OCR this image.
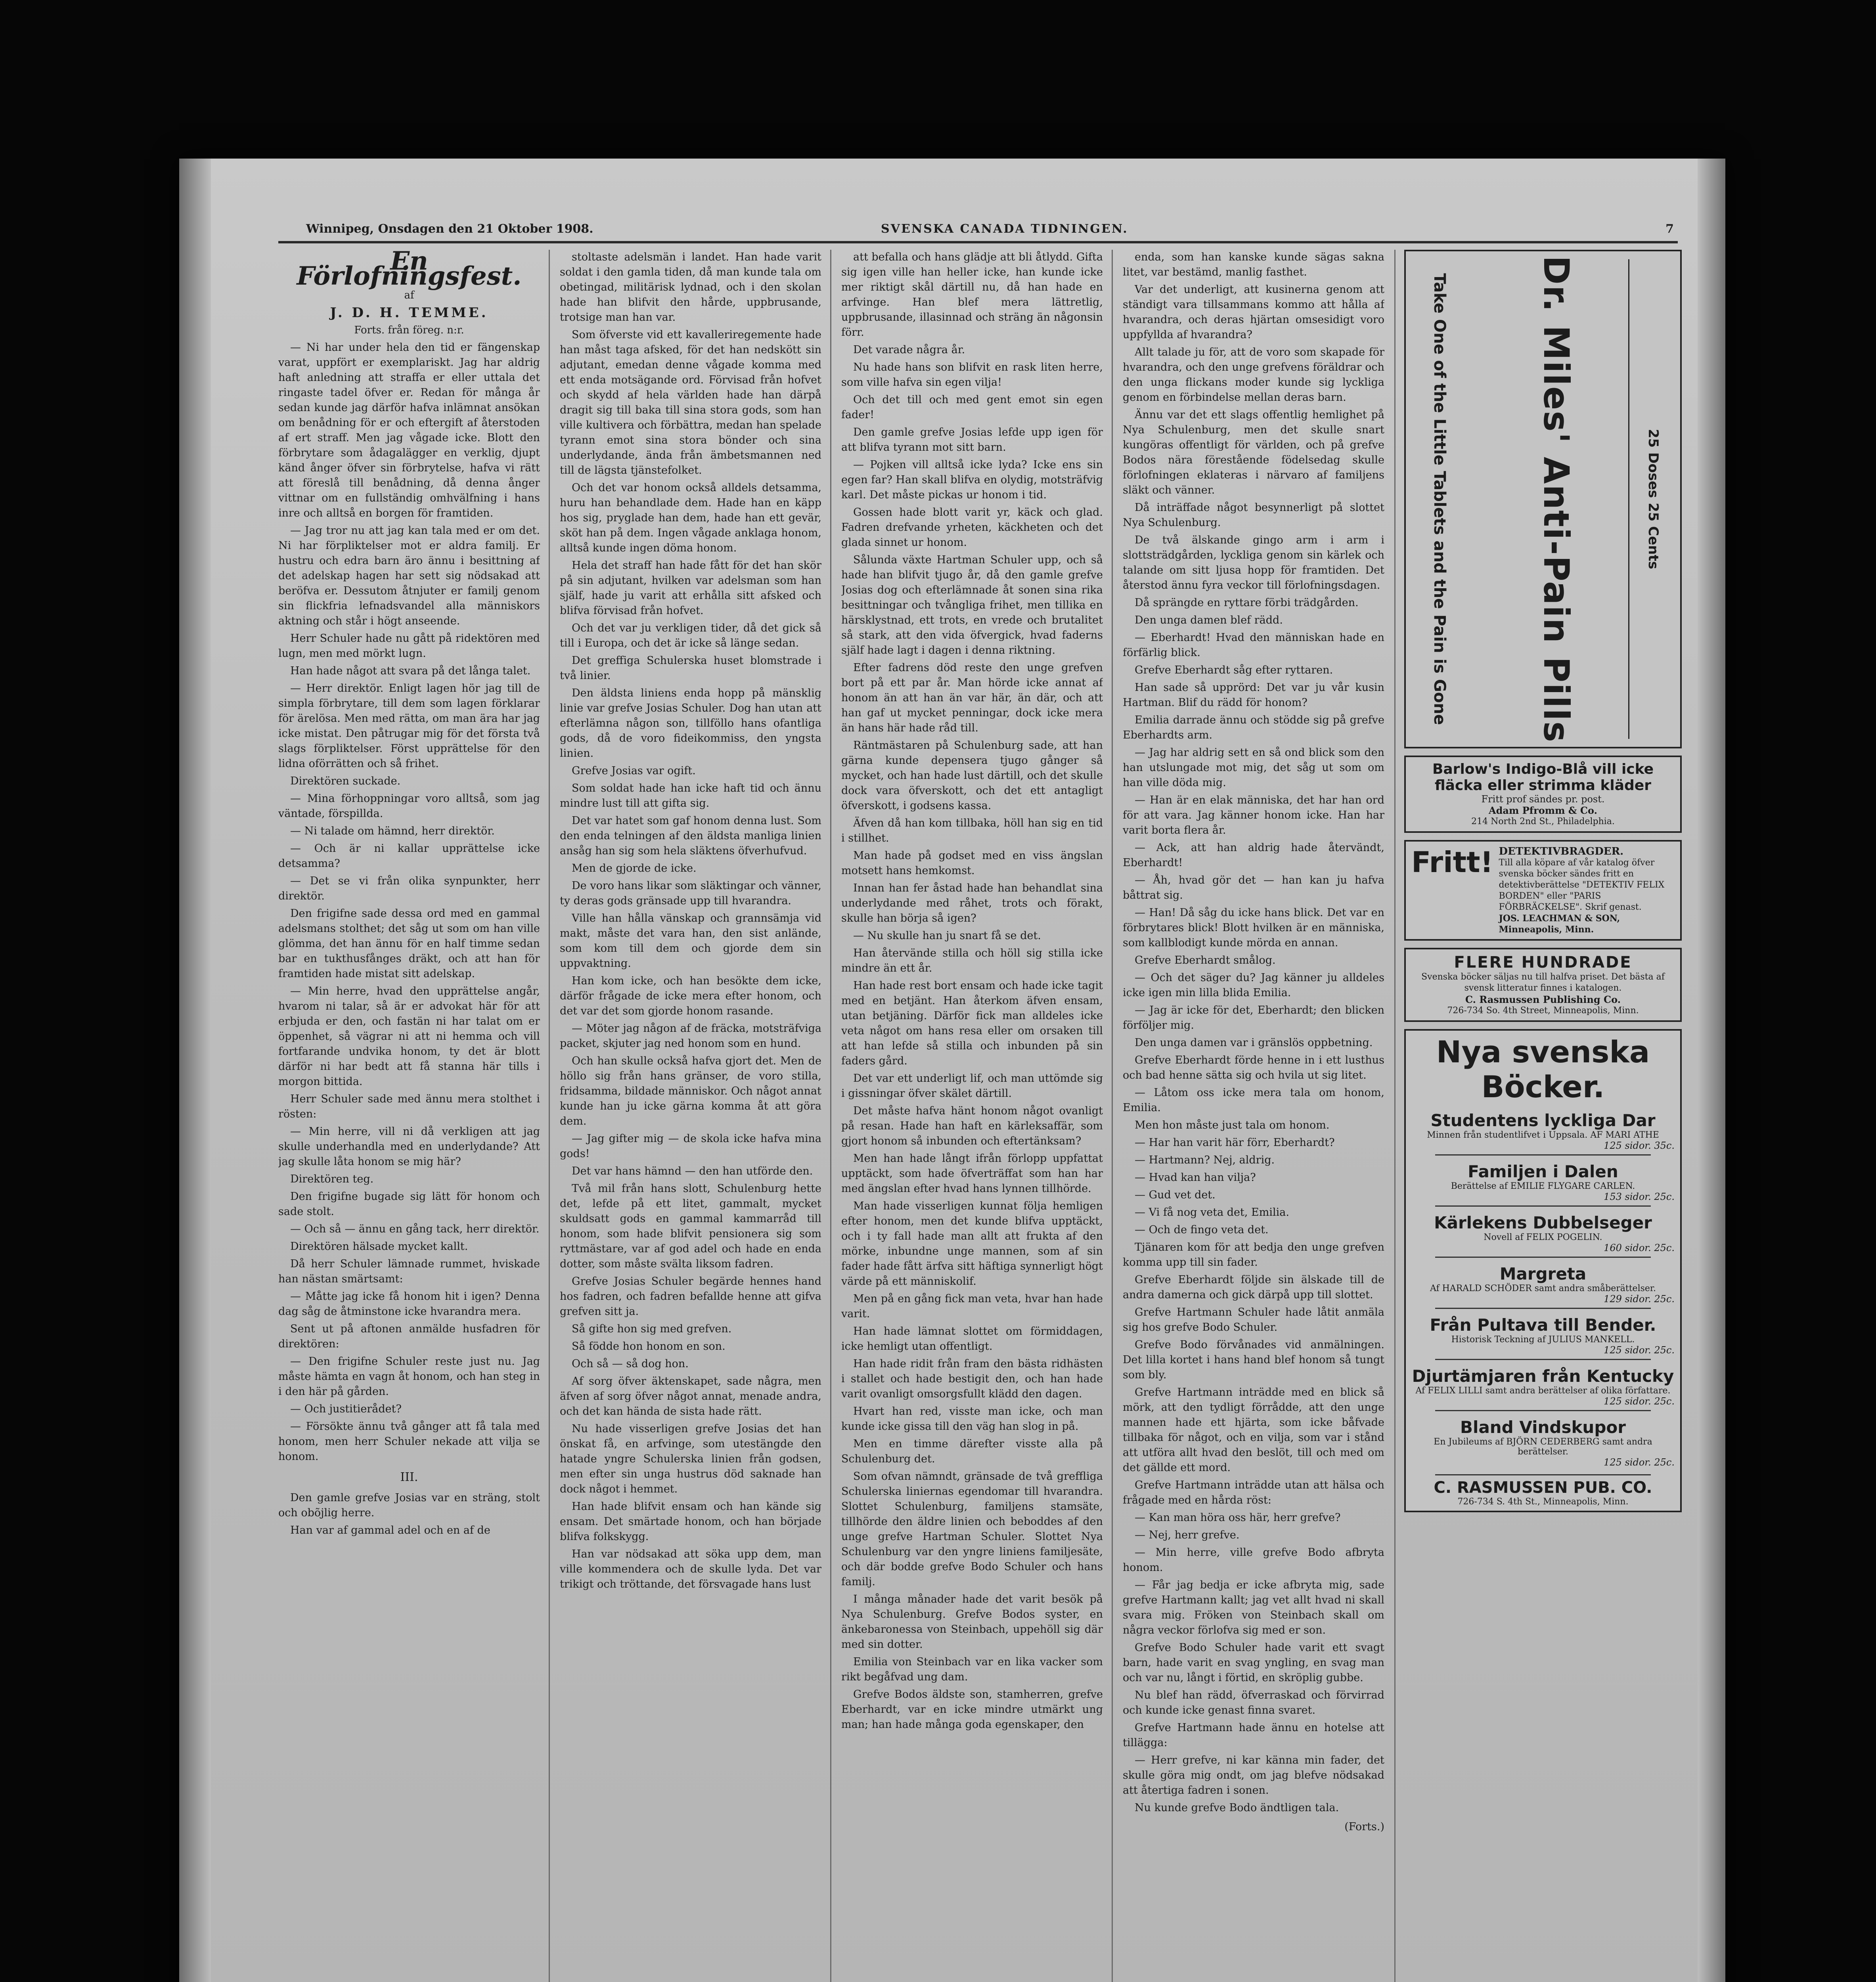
Winnipeg, Onsdagen den 21 Oktober 1908.	SVENSKA CANADA TIDNINGEN.	7

En Förlofningsfest.

af

J. D. H. TEMME.

Forts. från föreg. n:r.

— Ni har under hela den tid er fängenskap varat, uppfört er exemplariskt. Jag har aldrig haft anledning att straffa er eller uttala det ringaste tadel öfver er. Redan för många år sedan kunde jag därför hafva inlämnat ansökan om benådning för er och eftergift af återstoden af ert straff. Men jag vågade icke. Blott den förbrytare som ådagalägger en verklig, djupt känd ånger öfver sin förbrytelse, hafva vi rätt att föreslå till benådning, då denna ånger vittnar om en fullständig omhvälfning i hans inre och alltså en borgen för framtiden.

— Jag tror nu att jag kan tala med er om det. Ni har förpliktelser mot er aldra familj. Er hustru och edra barn äro ännu i besittning af det adelskap hagen har sett sig nödsakad att beröfva er. Dessutom åtnjuter er familj genom sin flickfria lefnadsvandel alla människors aktning och står i högt anseende.

Herr Schuler hade nu gått på ridektören med lugn, men med mörkt lugn.

Han hade något att svara på det långa talet.

— Herr direktör. Enligt lagen hör jag till de simpla förbrytare, till dem som lagen förklarar för ärelösa. Men med rätta, om man ära har jag icke mistat. Den påtrugar mig för det första två slags förpliktelser. Först upprättelse för den lidna oförrätten och så frihet.

Direktören suckade.

— Mina förhoppningar voro alltså, som jag väntade, förspillda.

— Ni talade om hämnd, herr direktör.

— Och är ni kallar upprättelse icke detsamma?

— Det se vi från olika synpunkter, herr direktör.

Den frigifne sade dessa ord med en gammal adelsmans stolthet; det såg ut som om han ville glömma, det han ännu för en half timme sedan bar en tukthusfånges dräkt, och att han för framtiden hade mistat sitt adelskap.

— Min herre, hvad den upprättelse angår, hvarom ni talar, så är er advokat här för att erbjuda er den, och fastän ni har talat om er öppenhet, så vägrar ni att ni hemma och vill fortfarande undvika honom, ty det är blott därför ni har bedt att få stanna här tills i morgon bittida.

Herr Schuler sade med ännu mera stolthet i rösten:

— Min herre, vill ni då verkligen att jag skulle underhandla med en underlydande? Att jag skulle låta honom se mig här?

Direktören teg.

Den frigifne bugade sig lätt för honom och sade stolt.

— Och så — ännu en gång tack, herr direktör.

Direktören hälsade mycket kallt.

Då herr Schuler lämnade rummet, hviskade han nästan smärtsamt:

— Måtte jag icke få honom hit i igen? Denna dag såg de åtminstone icke hvarandra mera.

Sent ut på aftonen anmälde husfadren för direktören:

— Den frigifne Schuler reste just nu. Jag måste hämta en vagn åt honom, och han steg in i den här på gården.

— Och justitierådet?

— Försökte ännu två gånger att få tala med honom, men herr Schuler nekade att vilja se honom.

III.

Den gamle grefve Josias var en sträng, stolt och obõjlig herre.

Han var af gammal adel och en af de

stoltaste adelsmän i landet. Han hade varit soldat i den gamla tiden, då man kunde tala om obetingad, militärisk lydnad, och i den skolan hade han blifvit den hårde, uppbrusande, trotsige man han var.

Som öfverste vid ett kavalleriregemente hade han måst taga afsked, för det han nedskött sin adjutant, emedan denne vågade komma med ett enda motsägande ord. Förvisad från hofvet och skydd af hela världen hade han därpå dragit sig till baka till sina stora gods, som han ville kultivera och förbättra, medan han spelade tyrann emot sina stora bönder och sina underlydande, ända från ämbetsmannen ned till de lägsta tjänstefolket.

Och det var honom också alldels detsamma, huru han behandlade dem. Hade han en käpp hos sig, pryglade han dem, hade han ett gevär, sköt han på dem. Ingen vågade anklaga honom, alltså kunde ingen döma honom.

Hela det straff han hade fått för det han skör på sin adjutant, hvilken var adelsman som han själf, hade ju varit att erhålla sitt afsked och blifva förvisad från hofvet.

Och det var ju verkligen tider, då det gick så till i Europa, och det är icke så länge sedan.

Det greffiga Schulerska huset blomstrade i två linier.

Den äldsta liniens enda hopp på mänsklig linie var grefve Josias Schuler. Dog han utan att efterlämna någon son, tillföllo hans ofantliga gods, då de voro fideikommiss, den yngsta linien.

Grefve Josias var ogift.

Som soldat hade han icke haft tid och ännu mindre lust till att gifta sig.

Det var hatet som gaf honom denna lust. Som den enda telningen af den äldsta manliga linien ansåg han sig som hela släktens öfverhufvud.

Men de gjorde de icke.

De voro hans likar som släktingar och vänner, ty deras gods gränsade upp till hvarandra.

Ville han hålla vänskap och grannsämja vid makt, måste det vara han, den sist anlände, som kom till dem och gjorde dem sin uppvaktning.

Han kom icke, och han besökte dem icke, därför frågade de icke mera efter honom, och det var det som gjorde honom rasande.

— Möter jag någon af de fräcka, motsträfviga packet, skjuter jag ned honom som en hund.

Och han skulle också hafva gjort det. Men de höllo sig från hans gränser, de voro stilla, fridsamma, bildade människor. Och något annat kunde han ju icke gärna komma åt att göra dem.

— Jag gifter mig — de skola icke hafva mina gods!

Det var hans hämnd — den han utförde den.

Två mil från hans slott, Schulenburg hette det, lefde på ett litet, gammalt, mycket skuldsatt gods en gammal kammarråd till honom, som hade blifvit pensionera sig som ryttmästare, var af god adel och hade en enda dotter, som måste svälta liksom fadren.

Grefve Josias Schuler begärde hennes hand hos fadren, och fadren befallde henne att gifva grefven sitt ja.

Så gifte hon sig med grefven.

Så födde hon honom en son.

Och så — så dog hon.

Af sorg öfver äktenskapet, sade några, men äfven af sorg öfver något annat, menade andra, och det kan hända de sista hade rätt.

Nu hade visserligen grefve Josias det han önskat få, en arfvinge, som utestängde den hatade yngre Schulerska linien från godsen, men efter sin unga hustrus död saknade han dock något i hemmet.

Han hade blifvit ensam och han kände sig ensam. Det smärtade honom, och han började blifva folkskygg.

Han var nödsakad att söka upp dem, man ville kommendera och de skulle lyda. Det var trikigt och tröttande, det försvagade hans lust

att befalla och hans glädje att bli åtlydd. Gifta sig igen ville han heller icke, han kunde icke mer riktigt skål därtill nu, då han hade en arfvinge. Han blef mera lättretlig, uppbrusande, illasinnad och sträng än någonsin förr.

Det varade några år.

Nu hade hans son blifvit en rask liten herre, som ville hafva sin egen vilja!

Och det till och med gent emot sin egen fader!

Den gamle grefve Josias lefde upp igen för att blifva tyrann mot sitt barn.

— Pojken vill alltså icke lyda? Icke ens sin egen far? Han skall blifva en olydig, motsträfvig karl. Det måste pickas ur honom i tid.

Gossen hade blott varit yr, käck och glad. Fadren drefvande yrheten, käckheten och det glada sinnet ur honom.

Sålunda växte Hartman Schuler upp, och så hade han blifvit tjugo år, då den gamle grefve Josias dog och efterlämnade åt sonen sina rika besittningar och tvångliga frihet, men tillika en härsklystnad, ett trots, en vrede och brutalitet så stark, att den vida öfvergick, hvad faderns själf hade lagt i dagen i denna riktning.

Efter fadrens död reste den unge grefven bort på ett par år. Man hörde icke annat af honom än att han än var här, än där, och att han gaf ut mycket penningar, dock icke mera än hans här hade råd till.

Räntmästaren på Schulenburg sade, att han gärna kunde depensera tjugo gånger så mycket, och han hade lust därtill, och det skulle dock vara öfverskott, och det ett antagligt öfverskott, i godsens kassa.

Äfven då han kom tillbaka, höll han sig en tid i stillhet.

Man hade på godset med en viss ängslan motsett hans hemkomst.

Innan han fer åstad hade han behandlat sina underlydande med råhet, trots och förakt, skulle han börja så igen?

— Nu skulle han ju snart få se det.

Han återvände stilla och höll sig stilla icke mindre än ett år.

Han hade rest bort ensam och hade icke tagit med en betjänt. Han återkom äfven ensam, utan betjäning. Därför fick man alldeles icke veta något om hans resa eller om orsaken till att han lefde så stilla och inbunden på sin faders gård.

Det var ett underligt lif, och man uttömde sig i gissningar öfver skälet därtill.

Det måste hafva hänt honom något ovanligt på resan. Hade han haft en kärleksaffär, som gjort honom så inbunden och eftertänksam?

Men han hade långt ifrån förlopp uppfattat upptäckt, som hade öfverträffat som han har med ängslan efter hvad hans lynnen tillhörde.

Man hade visserligen kunnat följa hemligen efter honom, men det kunde blifva upptäckt, och i ty fall hade man allt att frukta af den mörke, inbundne unge mannen, som af sin fader hade fått ärfva sitt häftiga synnerligt högt värde på ett människolif.

Men på en gång fick man veta, hvar han hade varit.

Han hade lämnat slottet om förmiddagen, icke hemligt utan offentligt.

Han hade ridit från fram den bästa ridhästen i stallet och hade bestigit den, och han hade varit ovanligt omsorgsfullt klädd den dagen.

Hvart han red, visste man icke, och man kunde icke gissa till den väg han slog in på.

Men en timme därefter visste alla på Schulenburg det.

Som ofvan nämndt, gränsade de två greffliga Schulerska liniernas egendomar till hvarandra. Slottet Schulenburg, familjens stamsäte, tillhörde den äldre linien och beboddes af den unge grefve Hartman Schuler. Slottet Nya Schulenburg var den yngre liniens familjesäte, och där bodde grefve Bodo Schuler och hans familj.

I många månader hade det varit besök på Nya Schulenburg. Grefve Bodos syster, en änkebaronessa von Steinbach, uppehöll sig där med sin dotter.

Emilia von Steinbach var en lika vacker som rikt begåfvad ung dam.

Grefve Bodos äldste son, stamherren, grefve Eberhardt, var en icke mindre utmärkt ung man; han hade många goda egenskaper, den

enda, som han kanske kunde sägas sakna litet, var bestämd, manlig fasthet.

Var det underligt, att kusinerna genom att ständigt vara tillsammans kommo att hålla af hvarandra, och deras hjärtan omsesidigt voro uppfyllda af hvarandra?

Allt talade ju för, att de voro som skapade för hvarandra, och den unge grefvens föräldrar och den unga flickans moder kunde sig lyckliga genom en förbindelse mellan deras barn.

Ännu var det ett slags offentlig hemlighet på Nya Schulenburg, men det skulle snart kungöras offentligt för världen, och på grefve Bodos nära förestående födelsedag skulle förlofningen eklateras i närvaro af familjens släkt och vänner.

Då inträffade något besynnerligt på slottet Nya Schulenburg.

De två älskande gingo arm i arm i slottsträdgården, lyckliga genom sin kärlek och talande om sitt ljusa hopp för framtiden. Det återstod ännu fyra veckor till förlofningsdagen.

Då sprängde en ryttare förbi trädgården.

Den unga damen blef rädd.

— Eberhardt! Hvad den människan hade en förfärlig blick.

Grefve Eberhardt såg efter ryttaren.

Han sade så upprörd: Det var ju vår kusin Hartman. Blif du rädd för honom?

Emilia darrade ännu och stödde sig på grefve Eberhardts arm.

— Jag har aldrig sett en så ond blick som den han utslungade mot mig, det såg ut som om han ville döda mig.

— Han är en elak människa, det har han ord för att vara. Jag känner honom icke. Han har varit borta flera år.

— Ack, att han aldrig hade återvändt, Eberhardt!

— Åh, hvad gör det — han kan ju hafva båttrat sig.

— Han! Då såg du icke hans blick. Det var en förbrytares blick! Blott hvilken är en människa, som kallblodigt kunde mörda en annan.

Grefve Eberhardt smålog.

— Och det säger du? Jag känner ju alldeles icke igen min lilla blida Emilia.

— Jag är icke för det, Eberhardt; den blicken förföljer mig.

Den unga damen var i gränslös oppbetning.

Grefve Eberhardt förde henne in i ett lusthus och bad henne sätta sig och hvila ut sig litet.

— Låtom oss icke mera tala om honom, Emilia.

Men hon måste just tala om honom.

— Har han varit här förr, Eberhardt?

— Hartmann? Nej, aldrig.

— Hvad kan han vilja?

— Gud vet det.

— Vi få nog veta det, Emilia.

— Och de fingo veta det.

Tjänaren kom för att bedja den unge grefven komma upp till sin fader.

Grefve Eberhardt följde sin älskade till de andra damerna och gick därpå upp till slottet.

Grefve Hartmann Schuler hade låtit anmäla sig hos grefve Bodo Schuler.

Grefve Bodo förvånades vid anmälningen. Det lilla kortet i hans hand blef honom så tungt som bly.

Grefve Hartmann inträdde med en blick så mörk, att den tydligt förrådde, att den unge mannen hade ett hjärta, som icke båfvade tillbaka för något, och en vilja, som var i stånd att utföra allt hvad den beslöt, till och med om det gällde ett mord.

Grefve Hartmann inträdde utan att hälsa och frågade med en hårda röst:

— Kan man höra oss här, herr grefve?

— Nej, herr grefve.

— Min herre, ville grefve Bodo afbryta honom.

— Får jag bedja er icke afbryta mig, sade grefve Hartmann kallt; jag vet allt hvad ni skall svara mig. Fröken von Steinbach skall om några veckor förlofva sig med er son.

Grefve Bodo Schuler hade varit ett svagt barn, hade varit en svag yngling, en svag man och var nu, långt i förtid, en skröplig gubbe.

Nu blef han rädd, öfverraskad och förvirrad och kunde icke genast finna svaret.

Grefve Hartmann hade ännu en hotelse att tillägga:

— Herr grefve, ni kar känna min fader, det skulle göra mig ondt, om jag blefve nödsakad att återtiga fadren i sonen.

Nu kunde grefve Bodo ändtligen tala.

(Forts.)

Take One of the Little Tablets and the Pain is Gone	Dr. Miles' Anti-Pain Pills	25 Doses 25 Cents
Barlow's Indigo-Blå vill icke fläcka eller strimma kläder
Fritt prof sändes pr. post.
Adam Pfromm & Co.
214 North 2nd St., Philadelphia.
Fritt! DETEKTIVBRAGDER.
Till alla köpare af vår katalog öfver svenska böcker sändes fritt en detektivberättelse "DETEKTIV FELIX BORDEN" eller "PARIS FÖRBRÄCKELSE". Skrif genast.
JOS. LEACHMAN & SON, Minneapolis, Minn.
FLERE HUNDRADE
Svenska böcker säljas nu till halfva priset. Det bästa af svensk litteratur finnes i katalogen.
C. Rasmussen Publishing Co.
726-734 So. 4th Street, Minneapolis, Minn.
Nya svenska Böcker.
Studentens lyckliga Dar
Minnen från studentlifvet i Uppsala. AF MARI ATHE
125 sidor. 35c.
Familjen i Dalen
Berättelse af EMILIE FLYGARE CARLEN.
153 sidor. 25c.
Kärlekens Dubbelseger
Novell af FELIX POGELIN.
160 sidor. 25c.
Margreta
Af HARALD SCHÖDER samt andra småberättelser.
129 sidor. 25c.
Från Pultava till Bender.
Historisk Teckning af JULIUS MANKELL.
125 sidor. 25c.
Djurtämjaren från Kentucky
Af FELIX LILLI samt andra berättelser af olika författare.
125 sidor. 25c.
Bland Vindskupor
En Jubileums af BJÖRN CEDERBERG samt andra berättelser.
125 sidor. 25c.
C. RASMUSSEN PUB. CO.
726-734 S. 4th St., Minneapolis, Minn.
